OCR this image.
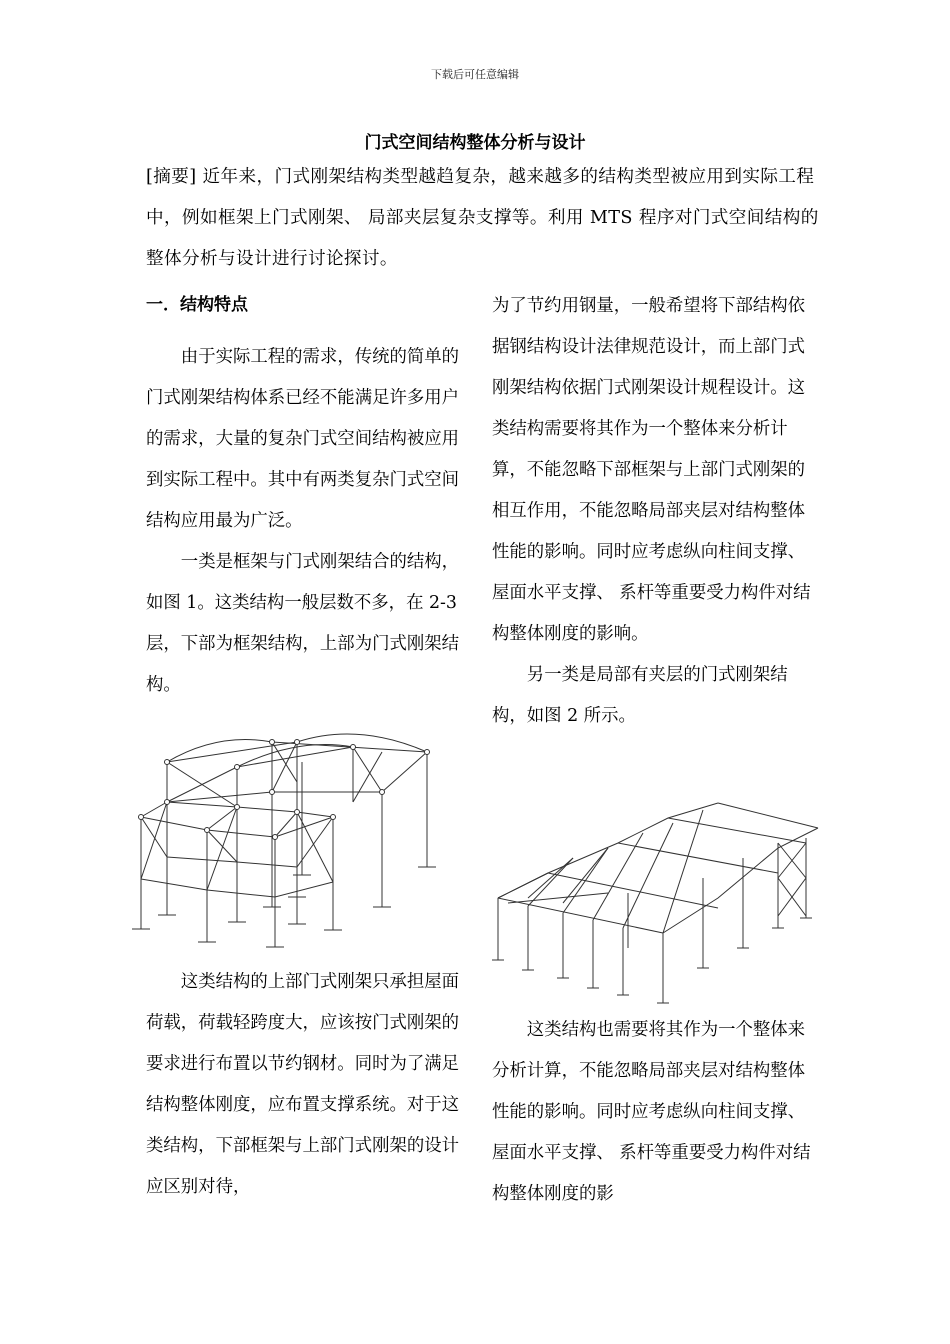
下载后可任意编辑
门式空间结构整体分析与设计
[摘要] 近年来，门式刚架结构类型越趋复杂，越来越多的结构类型被应用到实际工程中，例如框架上门式刚架、 局部夹层复杂支撑等。利用 MTS 程序对门式空间结构的整体分析与设计进行讨论探讨。
一．结构特点

由于实际工程的需求，传统的简单的门式刚架结构体系已经不能满足许多用户的需求，大量的复杂门式空间结构被应用到实际工程中。其中有两类复杂门式空间结构应用最为广泛。

一类是框架与门式刚架结合的结构，如图 1。这类结构一般层数不多，在 2-3 层，下部为框架结构，上部为门式刚架结构。

这类结构的上部门式刚架只承担屋面荷载，荷载轻跨度大，应该按门式刚架的要求进行布置以节约钢材。同时为了满足结构整体刚度，应布置支撑系统。对于这类结构，下部框架与上部门式刚架的设计应区别对待，

为了节约用钢量，一般希望将下部结构依据钢结构设计法律规范设计，而上部门式刚架结构依据门式刚架设计规程设计。这类结构需要将其作为一个整体来分析计算，不能忽略下部框架与上部门式刚架的相互作用，不能忽略局部夹层对结构整体性能的影响。同时应考虑纵向柱间支撑、 屋面水平支撑、 系杆等重要受力构件对结构整体刚度的影响。

另一类是局部有夹层的门式刚架结构，如图 2 所示。

这类结构也需要将其作为一个整体来分析计算，不能忽略局部夹层对结构整体性能的影响。同时应考虑纵向柱间支撑、 屋面水平支撑、 系杆等重要受力构件对结构整体刚度的影
